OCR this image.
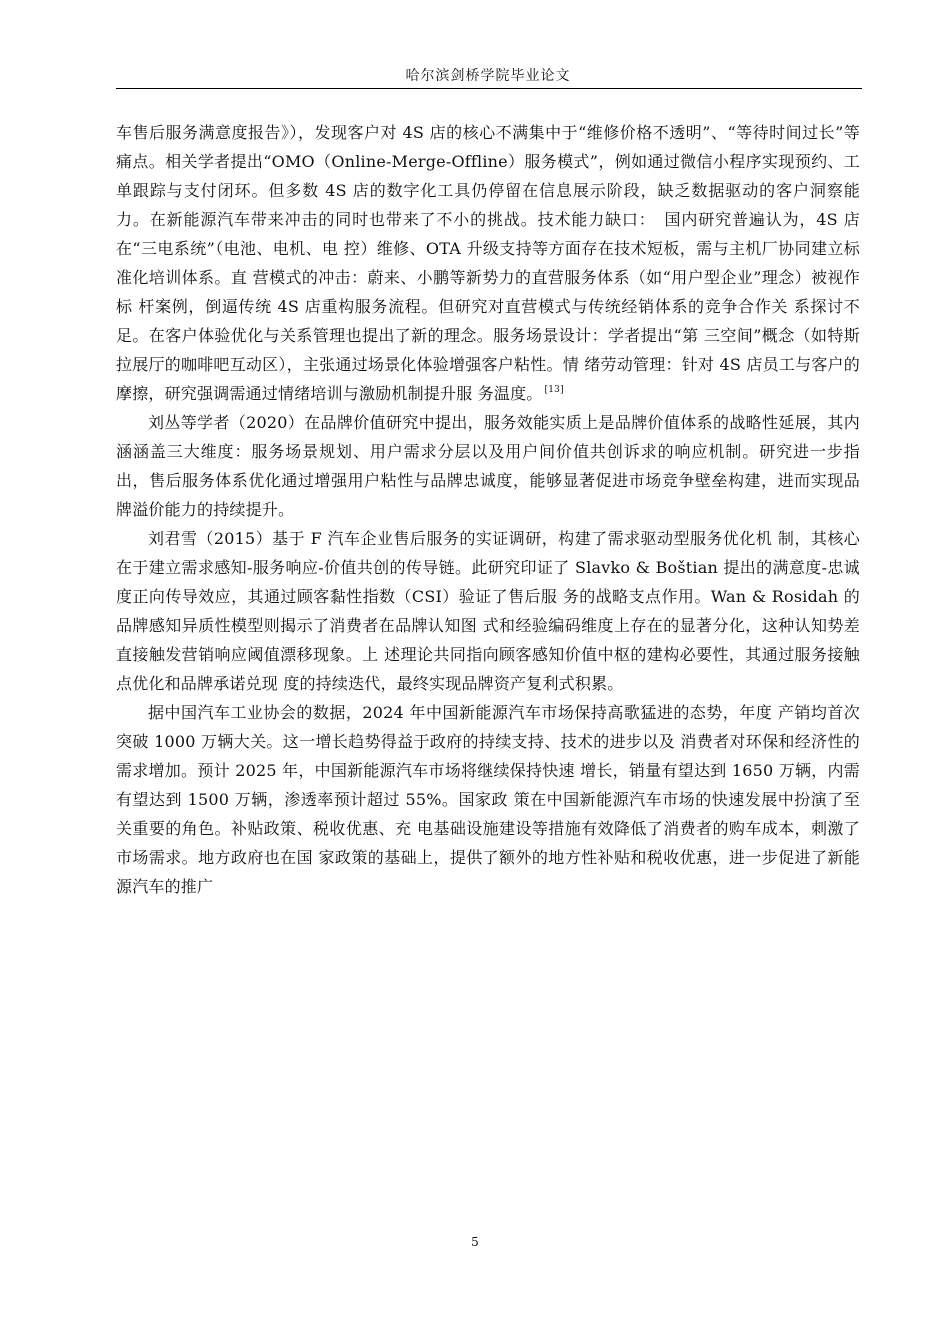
哈尔滨剑桥学院毕业论文

车售后服务满意度报告》），发现客户对 4S 店的核心不满集中于“维修价格不透明”、“等待时间过长”等痛点。相关学者提出“OMO（Online-Merge-Offline）服务模式”，例如通过微信小程序实现预约、工单跟踪与支付闭环。但多数 4S 店的数字化工具仍停留在信息展示阶段，缺乏数据驱动的客户洞察能力。在新能源汽车带来冲击的同时也带来了不小的挑战。技术能力缺口：　国内研究普遍认为，4S 店在“三电系统”（电池、电机、电 控）维修、OTA 升级支持等方面存在技术短板，需与主机厂协同建立标准化培训体系。直 营模式的冲击：蔚来、小鹏等新势力的直营服务体系（如“用户型企业”理念）被视作标 杆案例，倒逼传统 4S 店重构服务流程。但研究对直营模式与传统经销体系的竞争合作关 系探讨不足。在客户体验优化与关系管理也提出了新的理念。服务场景设计：学者提出“第 三空间”概念（如特斯拉展厅的咖啡吧互动区），主张通过场景化体验增强客户粘性。情 绪劳动管理：针对 4S 店员工与客户的摩擦，研究强调需通过情绪培训与激励机制提升服 务温度。 [13]

刘丛等学者（2020）在品牌价值研究中提出，服务效能实质上是品牌价值体系的战略性延展，其内涵涵盖三大维度：服务场景规划、用户需求分层以及用户间价值共创诉求的响应机制。研究进一步指出，售后服务体系优化通过增强用户粘性与品牌忠诚度，能够显著促进市场竞争壁垒构建，进而实现品牌溢价能力的持续提升。

刘君雪（2015）基于 F 汽车企业售后服务的实证调研，构建了需求驱动型服务优化机 制，其核心在于建立需求感知-服务响应-价值共创的传导链。此研究印证了 Slavko & Boštian 提出的满意度-忠诚度正向传导效应，其通过顾客黏性指数（CSI）验证了售后服 务的战略支点作用。Wan & Rosidah 的品牌感知异质性模型则揭示了消费者在品牌认知图 式和经验编码维度上存在的显著分化，这种认知势差直接触发营销响应阈值漂移现象。上 述理论共同指向顾客感知价值中枢的建构必要性，其通过服务接触点优化和品牌承诺兑现 度的持续迭代，最终实现品牌资产复利式积累。

据中国汽车工业协会的数据，2024 年中国新能源汽车市场保持高歌猛进的态势，年度 产销均首次突破 1000 万辆大关。这一增长趋势得益于政府的持续支持、技术的进步以及 消费者对环保和经济性的需求增加。预计 2025 年，中国新能源汽车市场将继续保持快速 增长，销量有望达到 1650 万辆，内需有望达到 1500 万辆，渗透率预计超过 55%。国家政 策在中国新能源汽车市场的快速发展中扮演了至关重要的角色。补贴政策、税收优惠、充 电基础设施建设等措施有效降低了消费者的购车成本，刺激了市场需求。地方政府也在国 家政策的基础上，提供了额外的地方性补贴和税收优惠，进一步促进了新能源汽车的推广

5
